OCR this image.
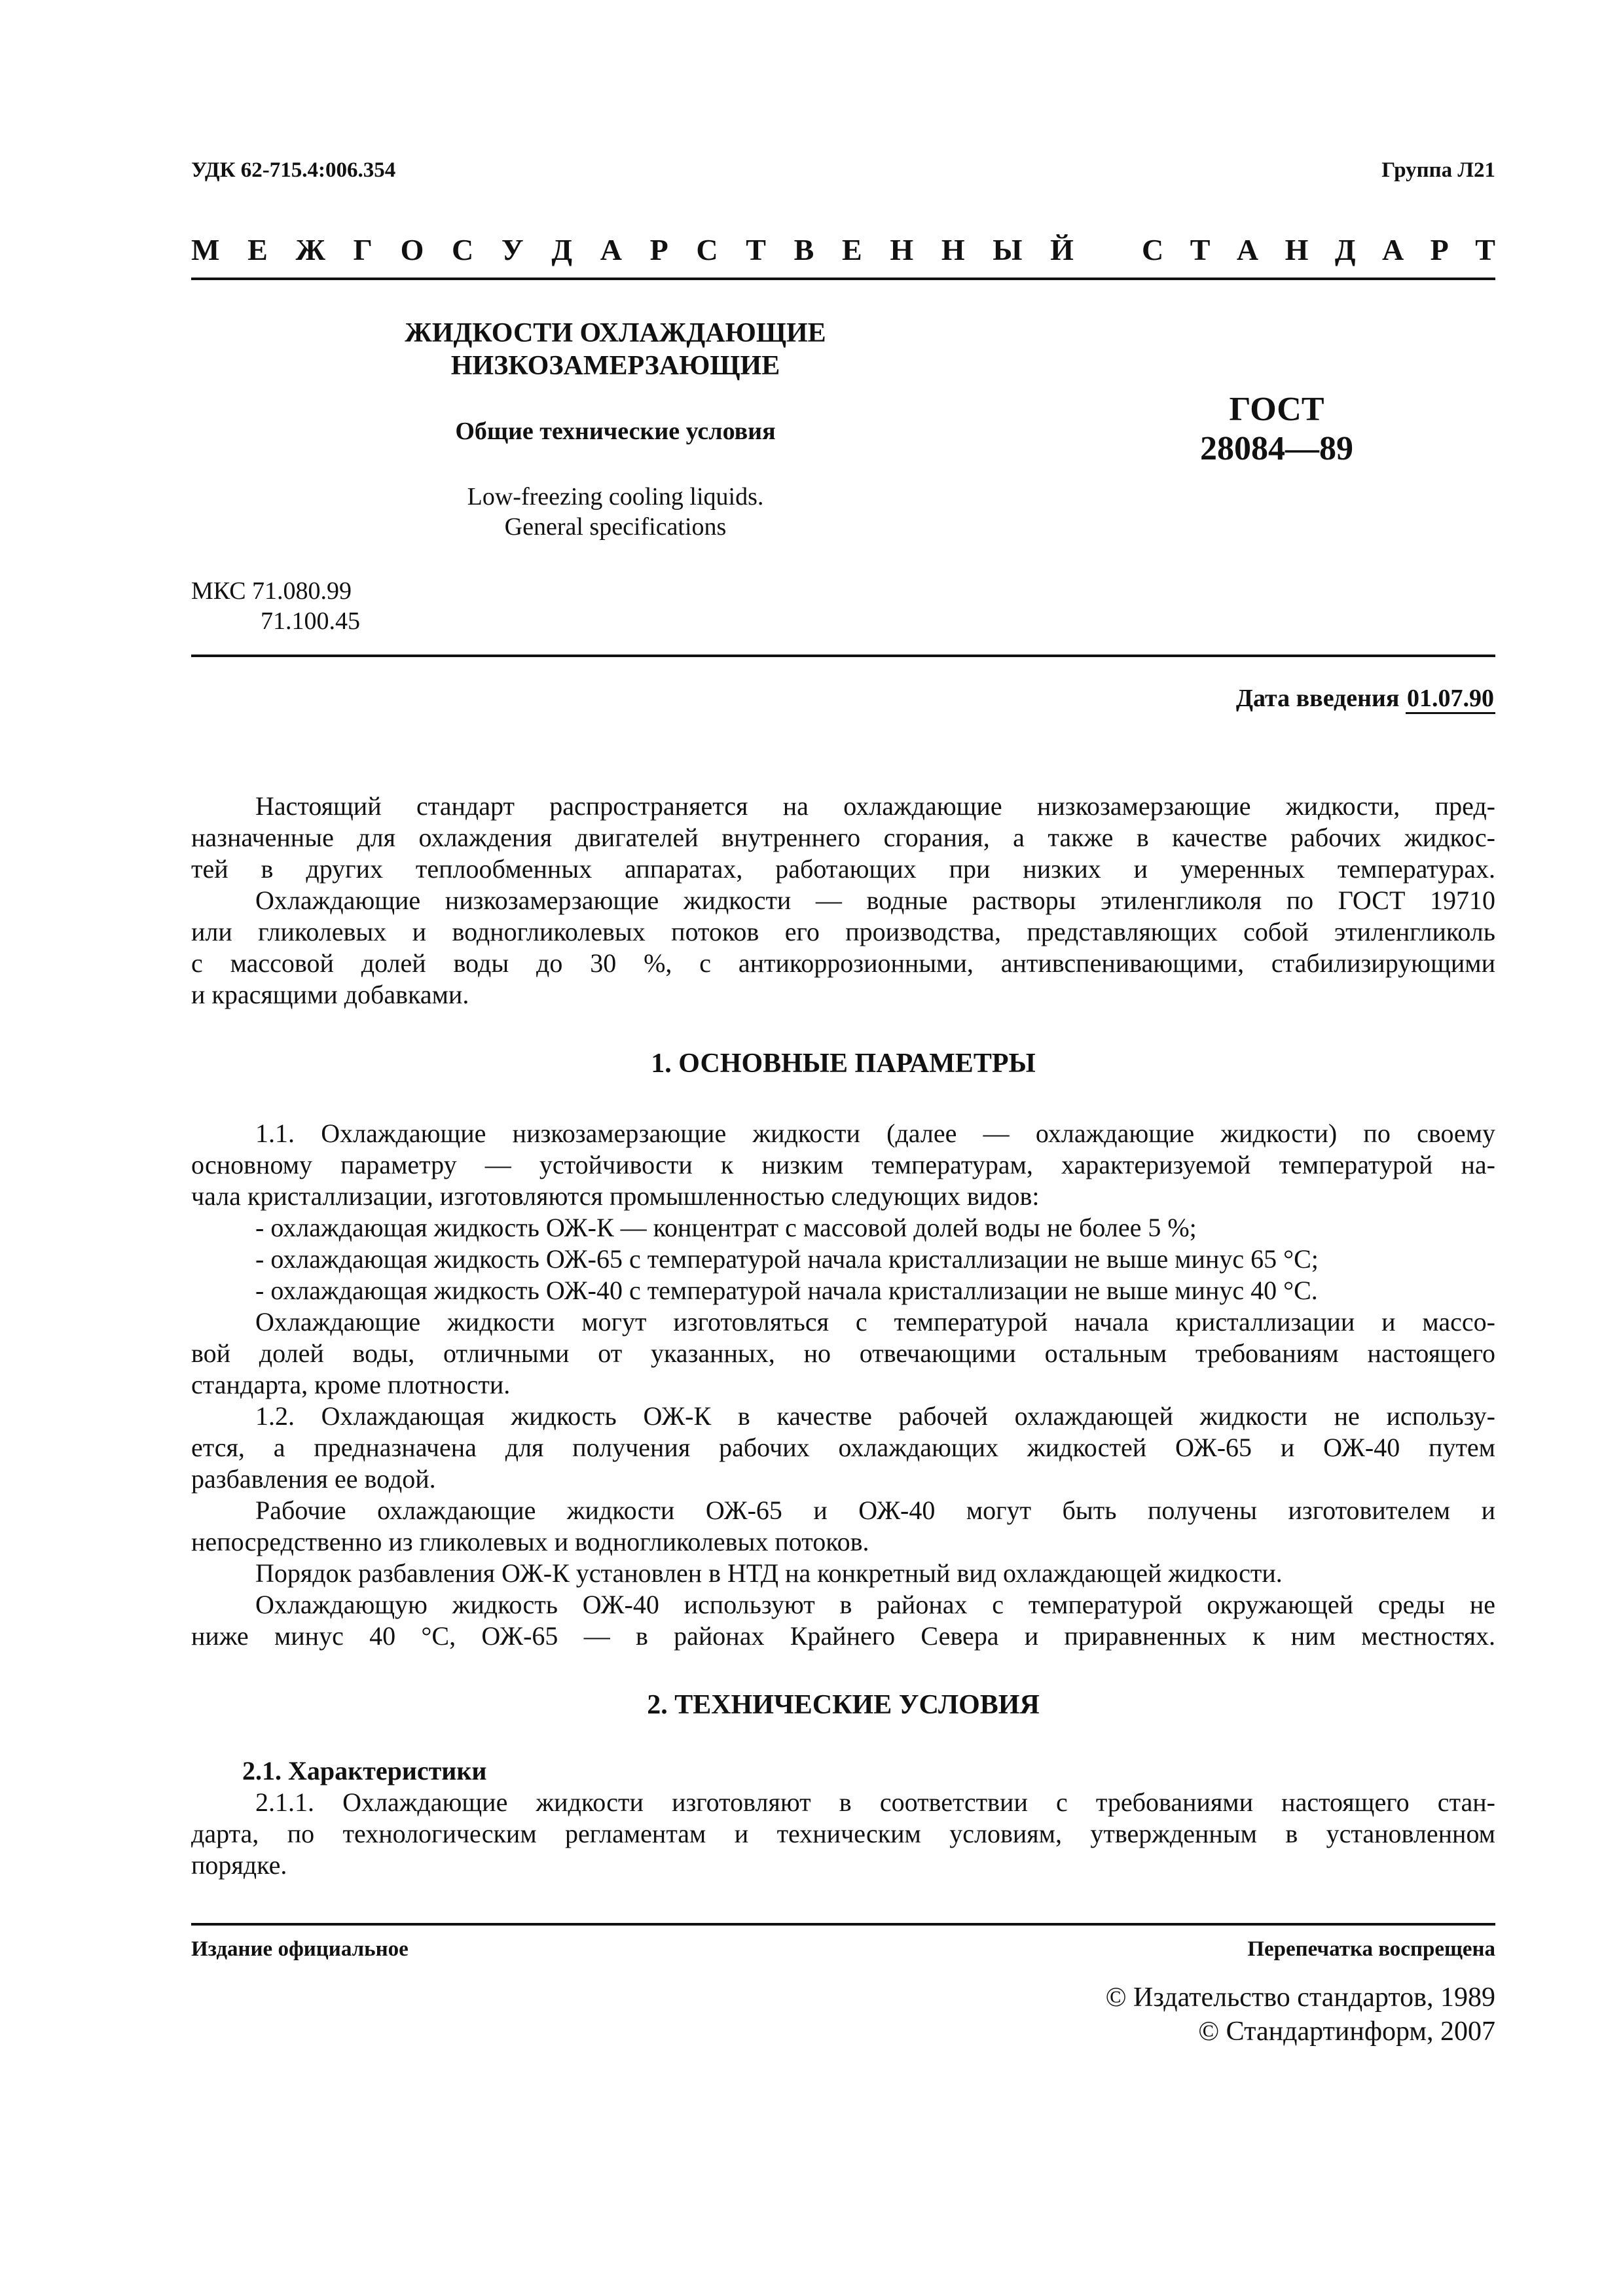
УДК 62-715.4:006.354	Группа Л21
М Е Ж Г О С У Д А Р С Т В Е Н Н Ы Й С Т А Н Д А Р Т
ЖИДКОСТИ ОХЛАЖДАЮЩИЕ
НИЗКОЗАМЕРЗАЮЩИЕ
Общие технические условия
Low-freezing cooling liquids.
General specifications
ГОСТ
28084—89
МКС 71.080.99
71.100.45
Дата введения 01.07.90
Настоящий стандарт распространяется на охлаждающие низкозамерзающие жидкости, пред-
назначенные для охлаждения двигателей внутреннего сгорания, а также в качестве рабочих жидкос-
тей в других теплообменных аппаратах, работающих при низких и умеренных температурах.
Охлаждающие низкозамерзающие жидкости — водные растворы этиленгликоля по ГОСТ 19710
или гликолевых и водногликолевых потоков его производства, представляющих собой этиленгликоль
с массовой долей воды до 30 %, с антикоррозионными, антивспенивающими, стабилизирующими
и красящими добавками.
1. ОСНОВНЫЕ ПАРАМЕТРЫ
1.1. Охлаждающие низкозамерзающие жидкости (далее — охлаждающие жидкости) по своему
основному параметру — устойчивости к низким температурам, характеризуемой температурой на-
чала кристаллизации, изготовляются промышленностью следующих видов:
- охлаждающая жидкость ОЖ-К — концентрат с массовой долей воды не более 5 %;
- охлаждающая жидкость ОЖ-65 с температурой начала кристаллизации не выше минус 65 °С;
- охлаждающая жидкость ОЖ-40 с температурой начала кристаллизации не выше минус 40 °С.
Охлаждающие жидкости могут изготовляться с температурой начала кристаллизации и массо-
вой долей воды, отличными от указанных, но отвечающими остальным требованиям настоящего
стандарта, кроме плотности.
1.2. Охлаждающая жидкость ОЖ-К в качестве рабочей охлаждающей жидкости не использу-
ется, а предназначена для получения рабочих охлаждающих жидкостей ОЖ-65 и ОЖ-40 путем
разбавления ее водой.
Рабочие охлаждающие жидкости ОЖ-65 и ОЖ-40 могут быть получены изготовителем и
непосредственно из гликолевых и водногликолевых потоков.
Порядок разбавления ОЖ-К установлен в НТД на конкретный вид охлаждающей жидкости.
Охлаждающую жидкость ОЖ-40 используют в районах с температурой окружающей среды не
ниже минус 40 °С, ОЖ-65 — в районах Крайнего Севера и приравненных к ним местностях.
2. ТЕХНИЧЕСКИЕ УСЛОВИЯ
2.1. Характеристики
2.1.1. Охлаждающие жидкости изготовляют в соответствии с требованиями настоящего стан-
дарта, по технологическим регламентам и техническим условиям, утвержденным в установленном
порядке.
Издание официальное	Перепечатка воспрещена
© Издательство стандартов, 1989
© Стандартинформ, 2007
